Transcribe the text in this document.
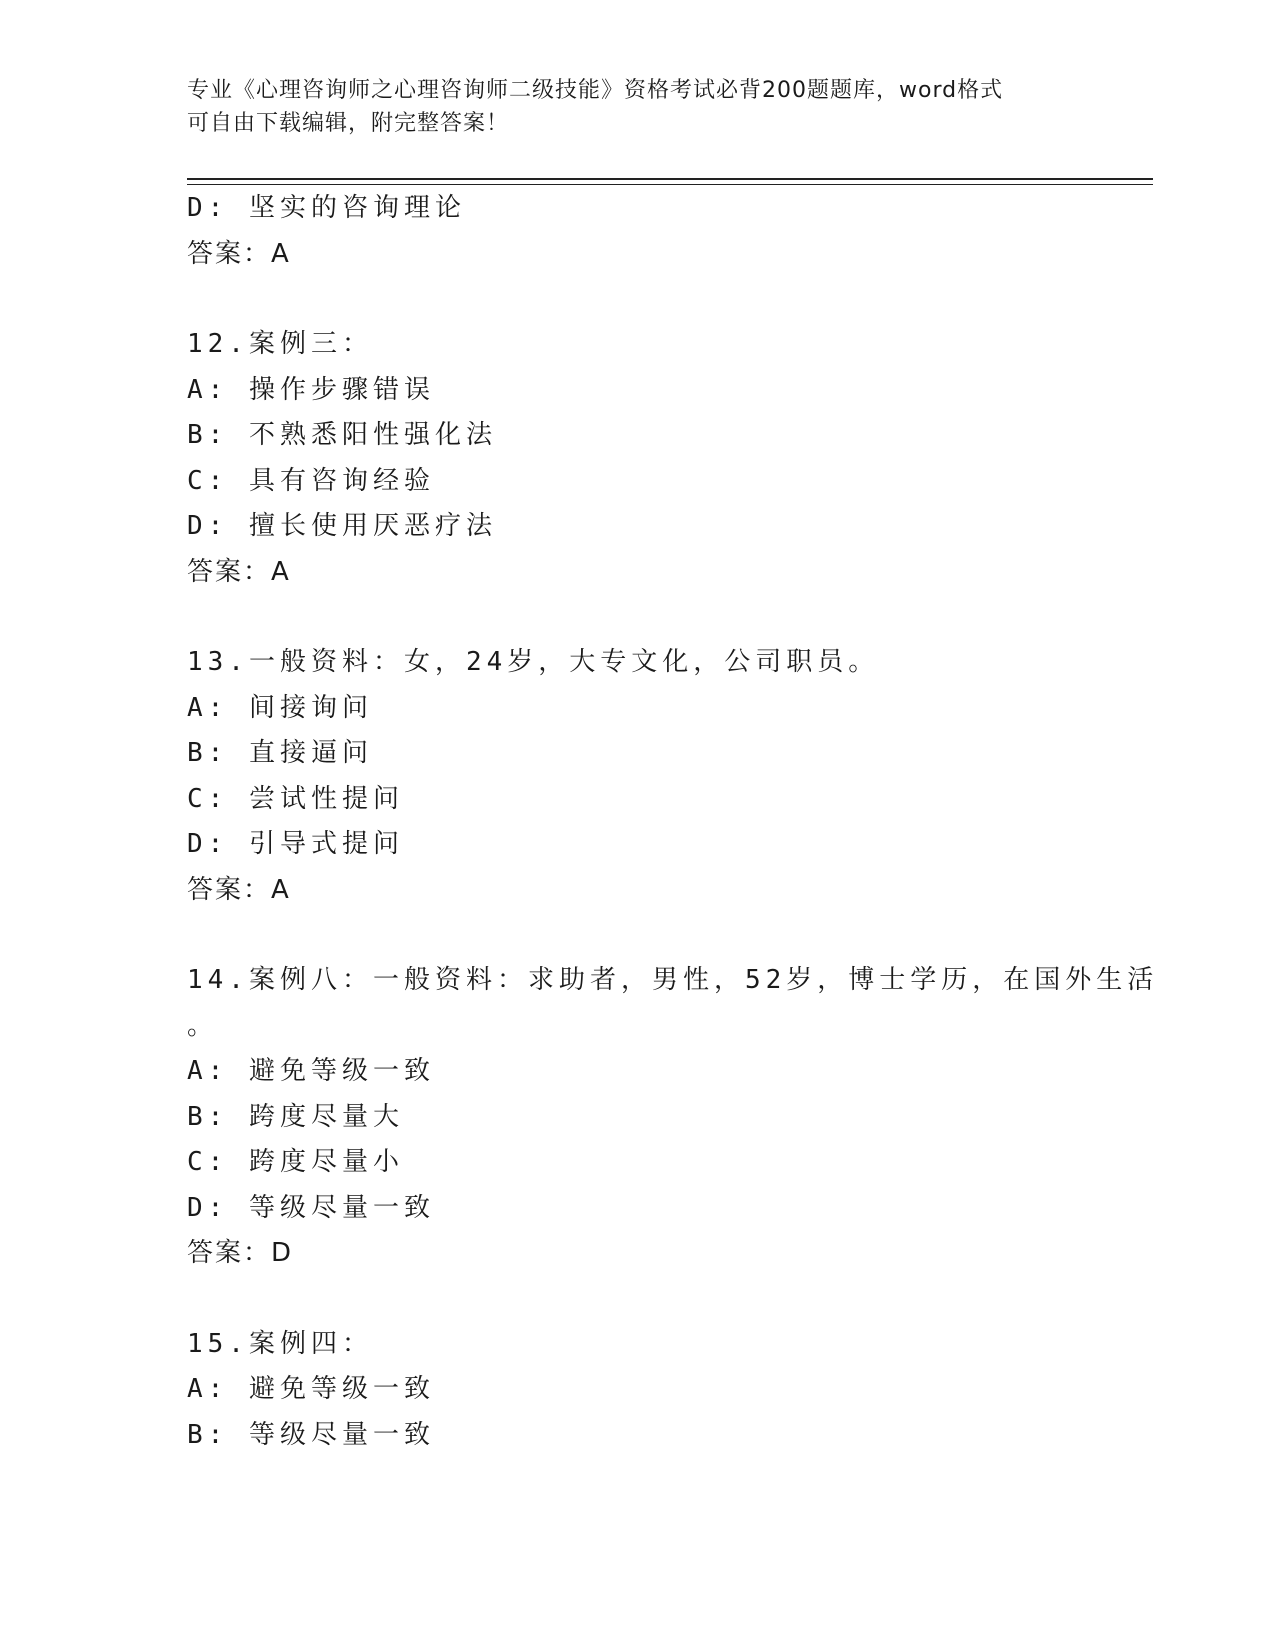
专业《心理咨询师之心理咨询师二级技能》资格考试必背200题题库，word格式
可自由下载编辑，附完整答案！
D: 坚实的咨询理论
答案：A
12.案例三：
A: 操作步骤错误
B: 不熟悉阳性强化法
C: 具有咨询经验
D: 擅长使用厌恶疗法
答案：A
13.一般资料：女，24岁，大专文化，公司职员。
A: 间接询问
B: 直接逼问
C: 尝试性提问
D: 引导式提问
答案：A
14.案例八：一般资料：求助者，男性，52岁，博士学历，在国外生活
。
A: 避免等级一致
B: 跨度尽量大
C: 跨度尽量小
D: 等级尽量一致
答案：D
15.案例四：
A: 避免等级一致
B: 等级尽量一致
